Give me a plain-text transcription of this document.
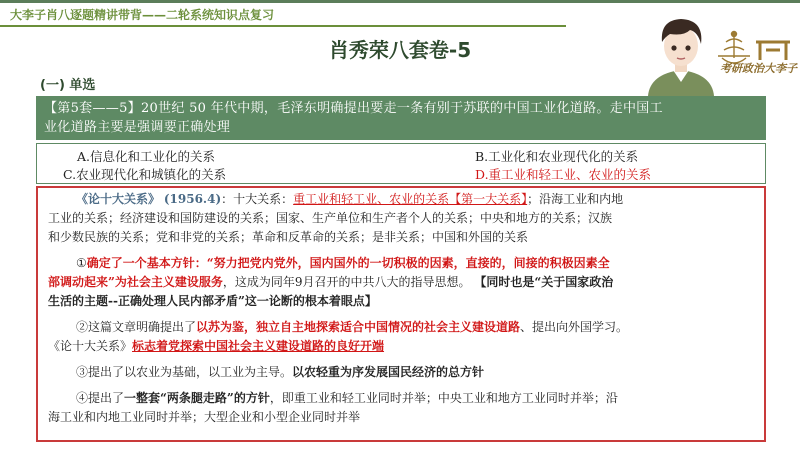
大李子肖八逐题精讲带背——二轮系统知识点复习
肖秀荣八套卷-5
考研政治大李子
(一) 单选
【第5套——5】20世纪 50 年代中期，毛泽东明确提出要走一条有别于苏联的中国工业化道路。走中国工
业化道路主要是强调要正确处理
A.信息化和工业化的关系	B.工业化和农业现代化的关系
C.农业现代化和城镇化的关系	D.重工业和轻工业、农业的关系

《论十大关系》 (1956.4)：十大关系：重工业和轻工业、农业的关系【第一大关系】；沿海工业和内地
工业的关系；经济建设和国防建设的关系；国家、生产单位和生产者个人的关系；中央和地方的关系；汉族
和少数民族的关系；党和非党的关系；革命和反革命的关系；是非关系；中国和外国的关系

①确定了一个基本方针：“努力把党内党外，国内国外的一切积极的因素，直接的，间接的积极因素全
部调动起来”为社会主义建设服务，这成为同年9月召开的中共八大的指导思想。 【同时也是“关于国家政治
生活的主题--正确处理人民内部矛盾”这一论断的根本着眼点】

②这篇文章明确提出了以苏为鉴，独立自主地探索适合中国情况的社会主义建设道路、提出向外国学习。
《论十大关系》标志着党探索中国社会主义建设道路的良好开端

③提出了以农业为基础，以工业为主导。以农轻重为序发展国民经济的总方针

④提出了一整套“两条腿走路”的方针，即重工业和轻工业同时并举；中央工业和地方工业同时并举；沿
海工业和内地工业同时并举；大型企业和小型企业同时并举
